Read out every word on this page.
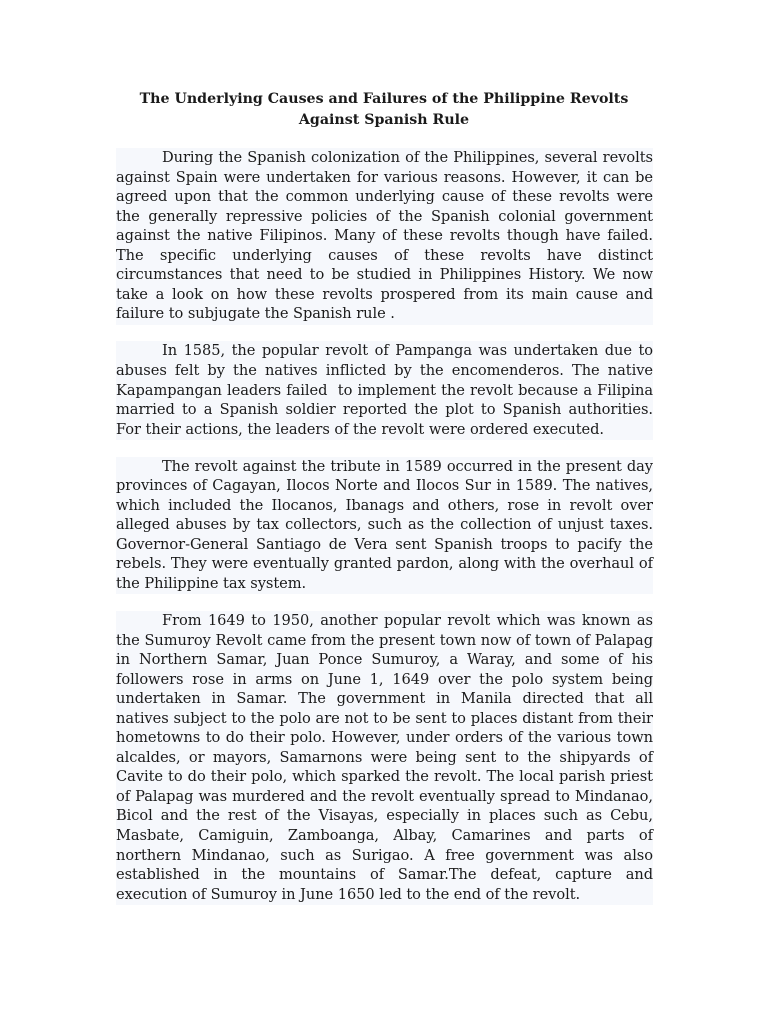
The Underlying Causes and Failures of the Philippine Revolts
Against Spanish Rule

During the Spanish colonization of the Philippines, several revolts against Spain were undertaken for various reasons. However, it can be agreed upon that the common underlying cause of these revolts were the generally repressive policies of the Spanish colonial government against the native Filipinos. Many of these revolts though have failed. The specific underlying causes of these revolts have distinct circumstances that need to be studied in Philippines History. We now take a look on how these revolts prospered from its main cause and failure to subjugate the Spanish rule .

In 1585, the popular revolt of Pampanga was undertaken due to abuses felt by the natives inflicted by the encomenderos. The native Kapampangan leaders failed  to implement the revolt because a Filipina married to a Spanish soldier reported the plot to Spanish authorities. For their actions, the leaders of the revolt were ordered executed.

The revolt against the tribute in 1589 occurred in the present day provinces of Cagayan, Ilocos Norte and Ilocos Sur in 1589. The natives, which included the Ilocanos, Ibanags and others, rose in revolt over alleged abuses by tax collectors, such as the collection of unjust taxes. Governor-General Santiago de Vera sent Spanish troops to pacify the rebels. They were eventually granted pardon, along with the overhaul of the Philippine tax system.

From 1649 to 1950, another popular revolt which was known as the Sumuroy Revolt came from the present town now of town of Palapag in Northern Samar, Juan Ponce Sumuroy, a Waray, and some of his followers rose in arms on June 1, 1649 over the polo system being undertaken in Samar. The government in Manila directed that all natives subject to the polo are not to be sent to places distant from their hometowns to do their polo. However, under orders of the various town alcaldes, or mayors, Samarnons were being sent to the shipyards of Cavite to do their polo, which sparked the revolt. The local parish priest of Palapag was murdered and the revolt eventually spread to Mindanao, Bicol and the rest of the Visayas, especially in places such as Cebu, Masbate, Camiguin, Zamboanga, Albay, Camarines and parts of northern Mindanao, such as Surigao. A free government was also established in the mountains of Samar.The defeat, capture and execution of Sumuroy in June 1650 led to the end of the revolt.
